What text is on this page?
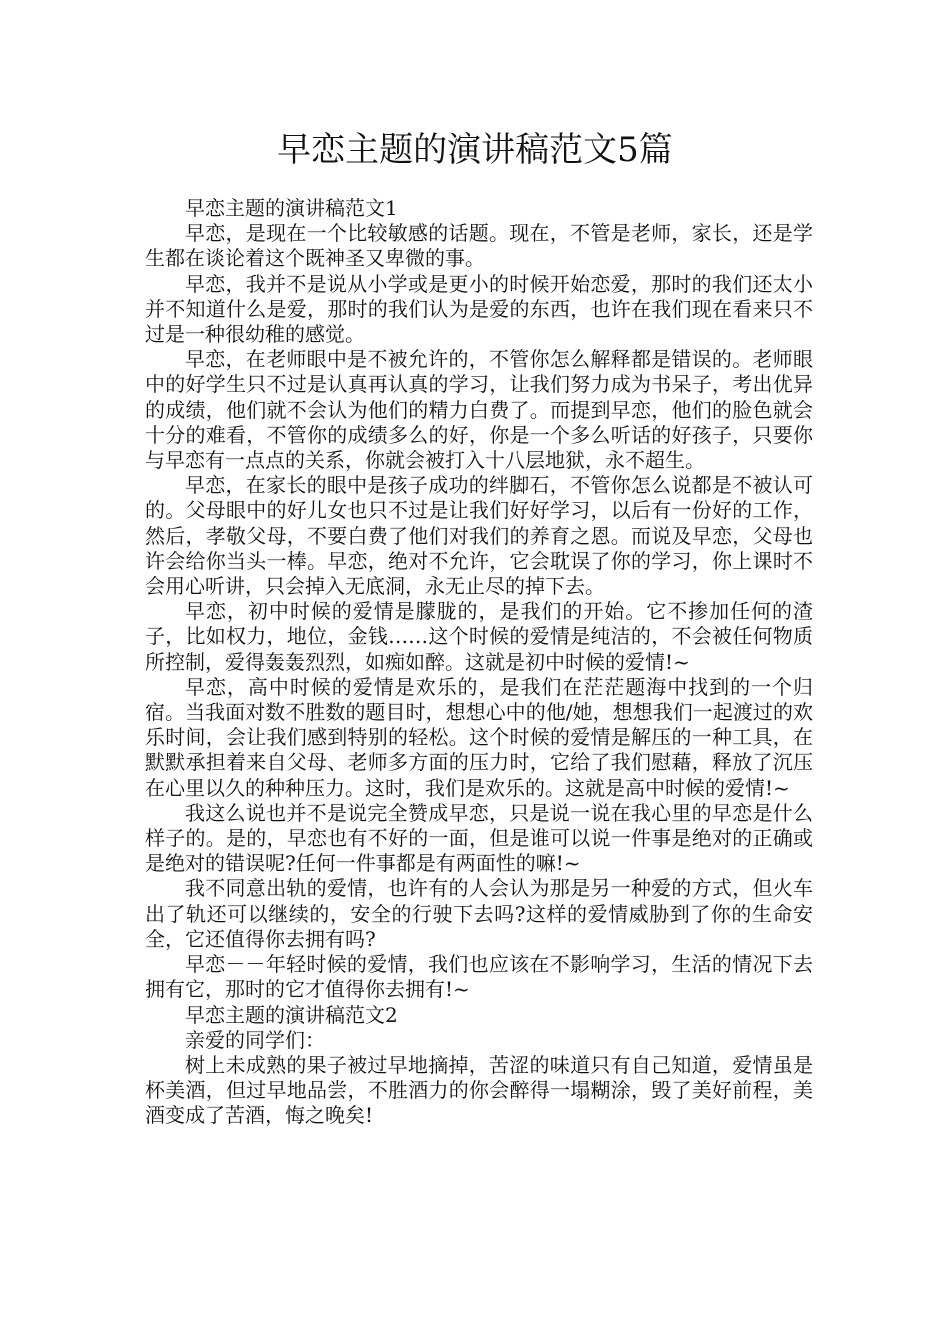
早恋主题的演讲稿范文5篇

早恋主题的演讲稿范文1

早恋，是现在一个比较敏感的话题。现在，不管是老师，家长，还是学生都在谈论着这个既神圣又卑微的事。

早恋，我并不是说从小学或是更小的时候开始恋爱，那时的我们还太小并不知道什么是爱，那时的我们认为是爱的东西，也许在我们现在看来只不过是一种很幼稚的感觉。

早恋，在老师眼中是不被允许的，不管你怎么解释都是错误的。老师眼中的好学生只不过是认真再认真的学习，让我们努力成为书呆子，考出优异的成绩，他们就不会认为他们的精力白费了。而提到早恋，他们的脸色就会十分的难看，不管你的成绩多么的好，你是一个多么听话的好孩子，只要你与早恋有一点点的关系，你就会被打入十八层地狱，永不超生。

早恋，在家长的眼中是孩子成功的绊脚石，不管你怎么说都是不被认可的。父母眼中的好儿女也只不过是让我们好好学习，以后有一份好的工作，然后，孝敬父母，不要白费了他们对我们的养育之恩。而说及早恋，父母也许会给你当头一棒。早恋，绝对不允许，它会耽误了你的学习，你上课时不会用心听讲，只会掉入无底洞，永无止尽的掉下去。

早恋，初中时候的爱情是朦胧的，是我们的开始。它不掺加任何的渣子，比如权力，地位，金钱……这个时候的爱情是纯洁的，不会被任何物质所控制，爱得轰轰烈烈，如痴如醉。这就是初中时候的爱情!~

早恋，高中时候的爱情是欢乐的，是我们在茫茫题海中找到的一个归宿。当我面对数不胜数的题目时，想想心中的他/她，想想我们一起渡过的欢乐时间，会让我们感到特别的轻松。这个时候的爱情是解压的一种工具，在默默承担着来自父母、老师多方面的压力时，它给了我们慰藉，释放了沉压在心里以久的种种压力。这时，我们是欢乐的。这就是高中时候的爱情!~

我这么说也并不是说完全赞成早恋，只是说一说在我心里的早恋是什么样子的。是的，早恋也有不好的一面，但是谁可以说一件事是绝对的正确或是绝对的错误呢?任何一件事都是有两面性的嘛!~

我不同意出轨的爱情，也许有的人会认为那是另一种爱的方式，但火车出了轨还可以继续的，安全的行驶下去吗?这样的爱情威胁到了你的生命安全，它还值得你去拥有吗?

早恋－－年轻时候的爱情，我们也应该在不影响学习，生活的情况下去拥有它，那时的它才值得你去拥有!~

早恋主题的演讲稿范文2

亲爱的同学们：

树上未成熟的果子被过早地摘掉，苦涩的味道只有自己知道，爱情虽是杯美酒，但过早地品尝，不胜酒力的你会醉得一塌糊涂，毁了美好前程，美酒变成了苦酒，悔之晚矣!
